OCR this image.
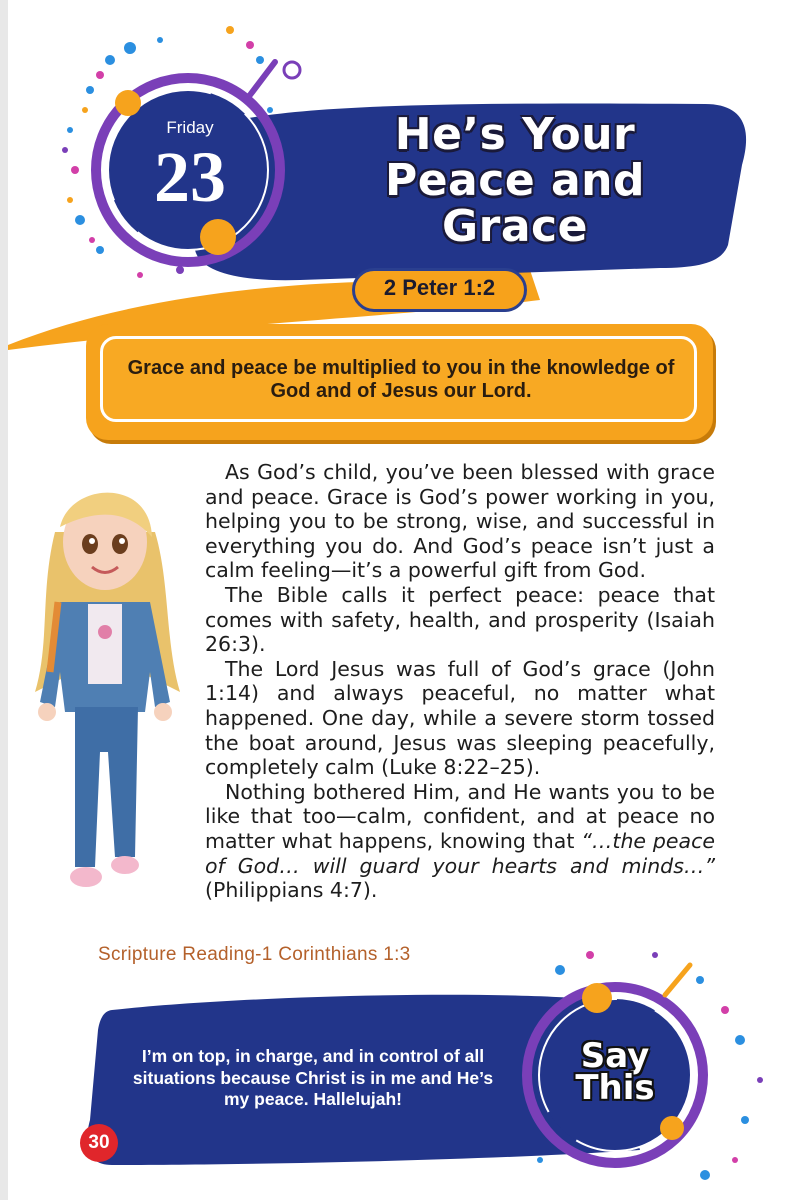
Friday
23
He’s Your
Peace and
Grace
2 Peter 1:2
Grace and peace be multiplied to you in the knowledge of God and of Jesus our Lord.

As God’s child, you’ve been blessed with grace and peace. Grace is God’s power working in you, helping you to be strong, wise, and successful in everything you do. And God’s peace isn’t just a calm feeling—it’s a powerful gift from God.

The Bible calls it perfect peace: peace that comes with safety, health, and prosperity (Isaiah 26:3).

The Lord Jesus was full of God’s grace (John 1:14) and always peaceful, no matter what happened. One day, while a severe storm tossed the boat around, Jesus was sleeping peacefully, completely calm (Luke 8:22–25).

Nothing bothered Him, and He wants you to be like that too—calm, confident, and at peace no matter what happens, knowing that “…the peace of God… will guard your hearts and minds…” (Philippians 4:7).

Scripture Reading-1 Corinthians 1:3
I’m on top, in charge, and in control of all situations because Christ is in me and He’s my peace. Hallelujah!
Say
This
30
